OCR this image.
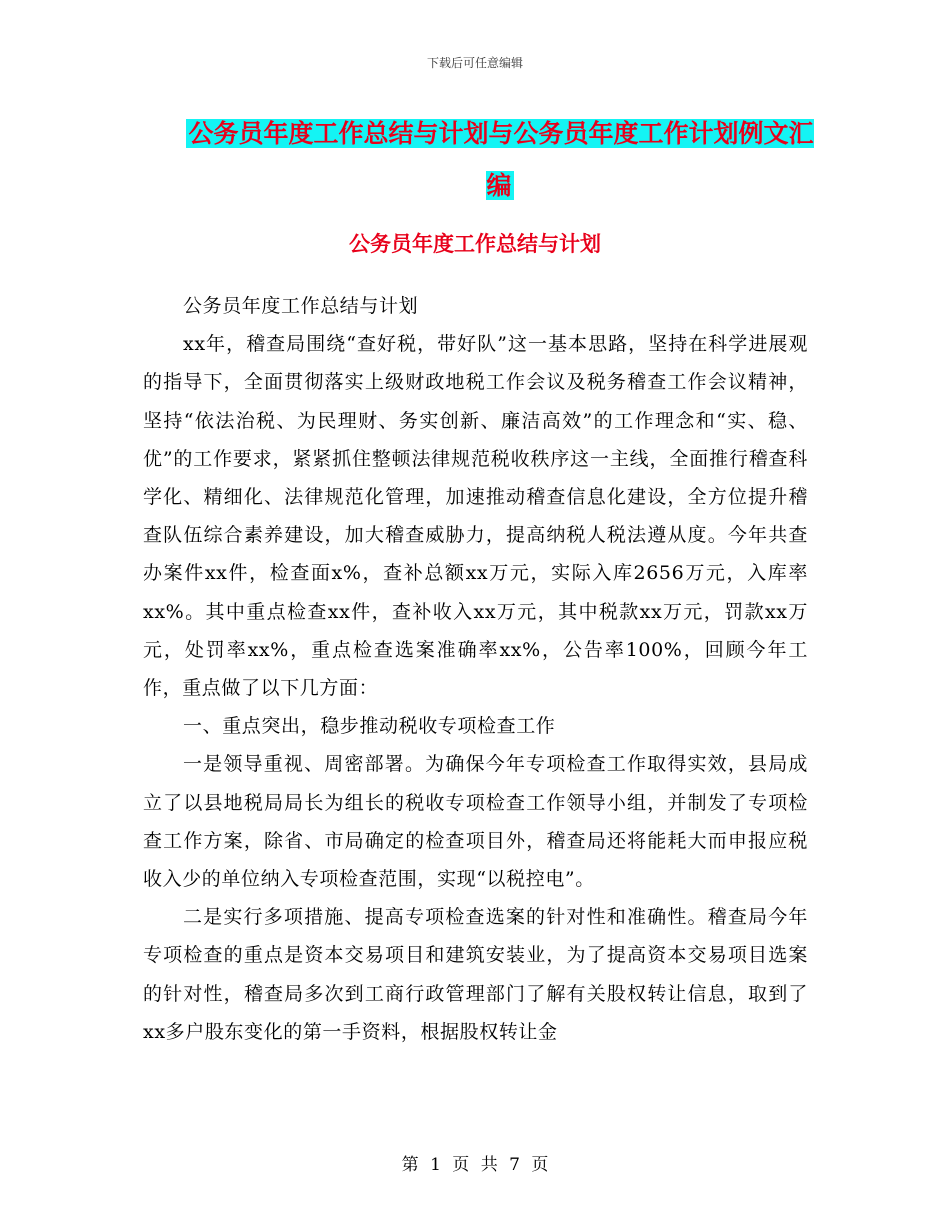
下载后可任意编辑
公务员年度工作总结与计划与公务员年度工作计划例文汇编
公务员年度工作总结与计划

公务员年度工作总结与计划

xx年，稽查局围绕“查好税，带好队”这一基本思路，坚持在科学进展观的指导下，全面贯彻落实上级财政地税工作会议及税务稽查工作会议精神，坚持“依法治税、为民理财、务实创新、廉洁高效”的工作理念和“实、稳、优”的工作要求，紧紧抓住整顿法律规范税收秩序这一主线，全面推行稽查科学化、精细化、法律规范化管理，加速推动稽查信息化建设，全方位提升稽查队伍综合素养建设，加大稽查威胁力，提高纳税人税法遵从度。今年共查办案件xx件，检查面x%，查补总额xx万元，实际入库2656万元，入库率xx%。其中重点检查xx件，查补收入xx万元，其中税款xx万元，罚款xx万元，处罚率xx%，重点检查选案准确率xx%，公告率100%，回顾今年工作，重点做了以下几方面：

一、重点突出，稳步推动税收专项检查工作

一是领导重视、周密部署。为确保今年专项检查工作取得实效，县局成立了以县地税局局长为组长的税收专项检查工作领导小组，并制发了专项检查工作方案，除省、市局确定的检查项目外，稽查局还将能耗大而申报应税收入少的单位纳入专项检查范围，实现“以税控电”。

二是实行多项措施、提高专项检查选案的针对性和准确性。稽查局今年专项检查的重点是资本交易项目和建筑安装业，为了提高资本交易项目选案的针对性，稽查局多次到工商行政管理部门了解有关股权转让信息，取到了xx多户股东变化的第一手资料，根据股权转让金

第 1 页 共 7 页
